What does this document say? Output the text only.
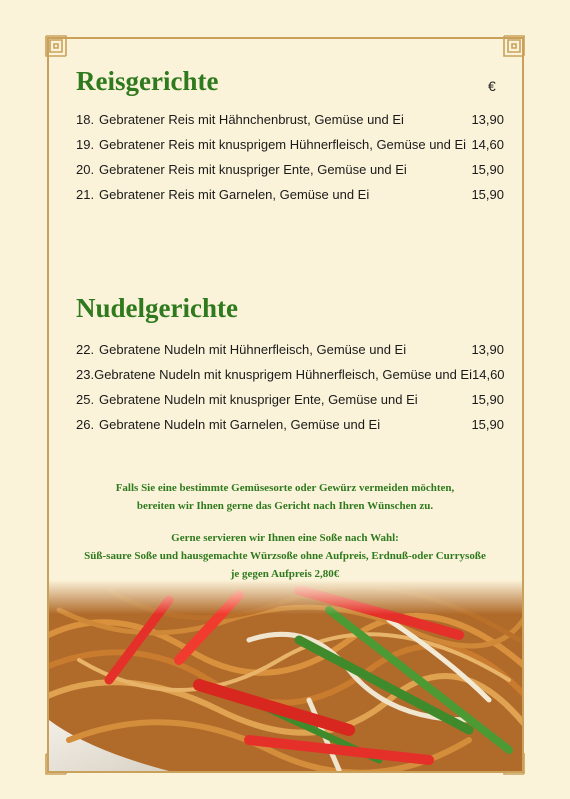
Reisgerichte	€
18. Gebratener Reis mit Hähnchenbrust, Gemüse und Ei	13,90
19. Gebratener Reis mit knusprigem Hühnerfleisch, Gemüse und Ei 14,60
20. Gebratener Reis mit knuspriger Ente, Gemüse und Ei	15,90
21. Gebratener Reis mit Garnelen, Gemüse und Ei	15,90
Nudelgerichte
22. Gebratene Nudeln mit Hühnerfleisch, Gemüse und Ei	13,90
23. Gebratene Nudeln mit knusprigem Hühnerfleisch, Gemüse und Ei 14,60
25. Gebratene Nudeln mit knuspriger Ente, Gemüse und Ei	15,90
26. Gebratene Nudeln mit Garnelen, Gemüse und Ei	15,90

Falls Sie eine bestimmte Gemüsesorte oder Gewürz vermeiden möchten,

bereiten wir Ihnen gerne das Gericht nach Ihren Wünschen zu.

Gerne servieren wir Ihnen eine Soße nach Wahl:

Süß-saure Soße und hausgemachte Würzsoße ohne Aufpreis, Erdnuß-oder Currysoße

je gegen Aufpreis 2,80€
